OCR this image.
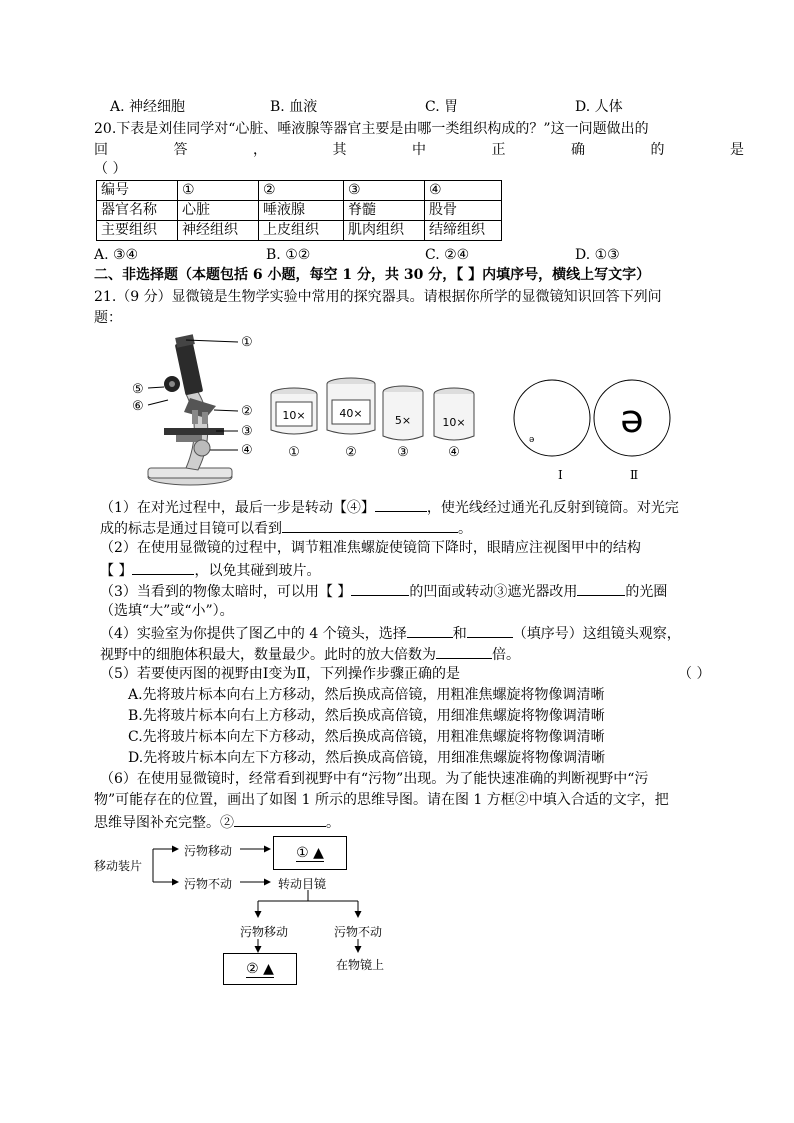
A. 神经细胞	B. 血液	C. 胃	D. 人体
20.下表是刘佳同学对“心脏、唾液腺等器官主要是由哪一类组织构成的？”这一问题做出的
回	答	，	其	中	正	确	的	是
（ ）
编号	①	②	③	④
器官名称	心脏	唾液腺	脊髓	股骨
主要组织	神经组织	上皮组织	肌肉组织	结缔组织
A. ③④	B. ①②	C. ②④	D. ①③
二、非选择题（本题包括 6 小题，每空 1 分，共 30 分，【 】内填序号，横线上写文字）
21.（9 分）显微镜是生物学实验中常用的探究器具。请根据你所学的显微镜知识回答下列问
题：
①
⑤
⑥	②
③
④
10×
①
40×
②
5×
③
10×
④
ə
Ⅰ
ə
Ⅱ
（1）在对光过程中，最后一步是转动【④】	，使光线经过通光孔反射到镜筒。对光完
成的标志是通过目镜可以看到	。
（2）在使用显微镜的过程中，调节粗准焦螺旋使镜筒下降时，眼睛应注视图甲中的结构
【 】	，以免其碰到玻片。
（3）当看到的物像太暗时，可以用【 】	的凹面或转动③遮光器改用	的光圈
（选填“大”或“小”）。
（4）实验室为你提供了图乙中的 4 个镜头，选择	和	（填序号）这组镜头观察，
视野中的细胞体积最大，数量最少。此时的放大倍数为	倍。
（5）若要使丙图的视野由Ⅰ变为Ⅱ，下列操作步骤正确的是	（ ）
A.先将玻片标本向右上方移动，然后换成高倍镜，用粗准焦螺旋将物像调清晰
B.先将玻片标本向右上方移动，然后换成高倍镜，用细准焦螺旋将物像调清晰
C.先将玻片标本向左下方移动，然后换成高倍镜，用粗准焦螺旋将物像调清晰
D.先将玻片标本向左下方移动，然后换成高倍镜，用细准焦螺旋将物像调清晰
（6）在使用显微镜时，经常看到视野中有“污物”出现。为了能快速准确的判断视野中“污
物”可能存在的位置，画出了如图 1 所示的思维导图。请在图 1 方框②中填入合适的文字，把
思维导图补充完整。②	。
移动装片
污物移动	① ▲
污物不动	转动目镜
污物移动	污物不动
② ▲	在物镜上
